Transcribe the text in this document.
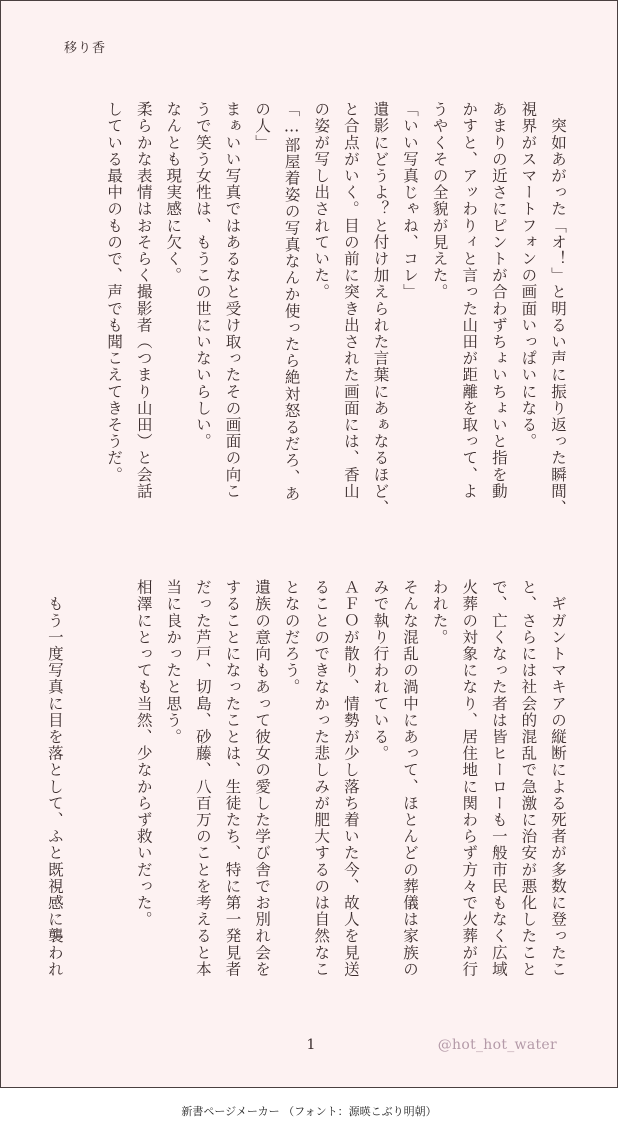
移り香
　突如あがった「オ！」と明るい声に振り返った瞬間、
視界がスマートフォンの画面いっぱいになる。
あまりの近さにピントが合わずちょいちょいと指を動
かすと、アッわりィと言った山田が距離を取って、よ
うやくその全貌が見えた。
「いい写真じゃね、コレ」
遺影にどうよ？と付け加えられた言葉にあぁなるほど、
と合点がいく。目の前に突き出された画面には、香山
の姿が写し出されていた。
「…部屋着姿の写真なんか使ったら絶対怒るだろ、あ
の人」
まぁいい写真ではあるなと受け取ったその画面の向こ
うで笑う女性は、もうこの世にいないらしい。
なんとも現実感に欠く。
柔らかな表情はおそらく撮影者（つまり山田）と会話
している最中のもので、声でも聞こえてきそうだ。
　ギガントマキアの縦断による死者が多数に登ったこ
と、さらには社会的混乱で急激に治安が悪化したこと
で、亡くなった者は皆ヒーローも一般市民もなく広域
火葬の対象になり、居住地に関わらず方々で火葬が行
われた。
そんな混乱の渦中にあって、ほとんどの葬儀は家族の
みで執り行われている。
ＡＦＯが散り、情勢が少し落ち着いた今、故人を見送
ることのできなかった悲しみが肥大するのは自然なこ
となのだろう。
遺族の意向もあって彼女の愛した学び舎でお別れ会を
することになったことは、生徒たち、特に第一発見者
だった芦戸、切島、砂藤、八百万のことを考えると本
当に良かったと思う。
相澤にとっても当然、少なからず救いだった。
　もう一度写真に目を落として、ふと既視感に襲われ
1	@hot_hot_water
新書ページメーカー （フォント：源暎こぶり明朝）
